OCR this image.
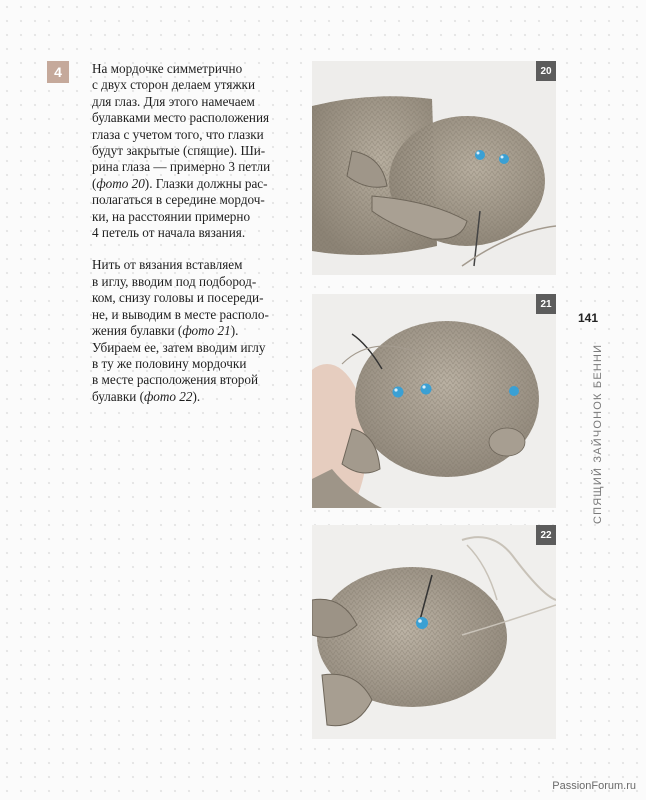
4	На мордочке симметрично
с двух сторон делаем утяжки
для глаз. Для этого намечаем
булавками место расположения
глаза с учетом того, что глазки
будут закрытые (спящие). Ши-
рина глаза — примерно 3 петли
(фото 20). Глазки должны рас-
полагаться в середине мордоч-
ки, на расстоянии примерно
4 петель от начала вязания.

Нить от вязания вставляем
в иглу, вводим под подбород-
ком, снизу головы и посереди-
не, и выводим в месте располо-
жения булавки (фото 21).
Убираем ее, затем вводим иглу
в ту же половину мордочки
в месте расположения второй
булавки (фото 22).

20
21
22
141
СПЯЩИЙ ЗАЙЧОНОК БЕННИ
PassionForum.ru
